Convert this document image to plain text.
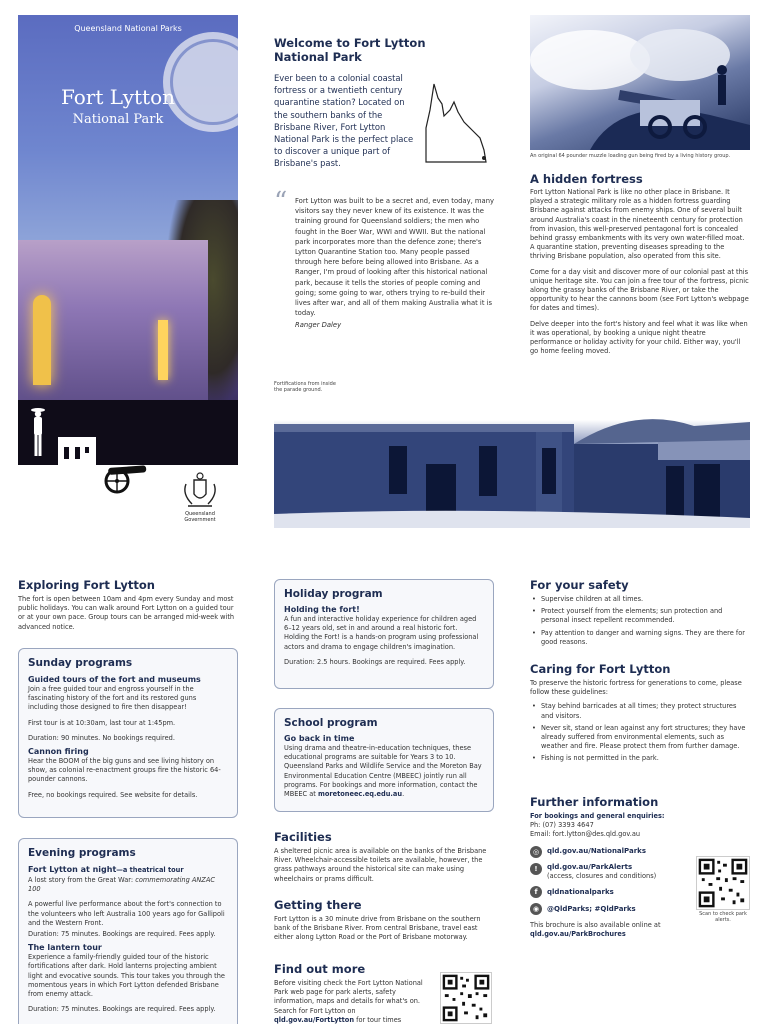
Queensland National Parks
Fort Lytton
National Park
Queensland
Government
Welcome to Fort Lytton
National Park

Ever been to a colonial coastal fortress or a twentieth century quarantine station? Located on the southern banks of the Brisbane River, Fort Lytton National Park is the perfect place to discover a unique part of Brisbane's past.

“ Fort Lytton was built to be a secret and, even today, many visitors say they never knew of its existence. It was the training ground for Queensland soldiers; the men who fought in the Boer War, WWI and WWII. But the national park incorporates more than the defence zone; there's Lytton Quarantine Station too. Many people passed through here before being allowed into Brisbane. As a Ranger, I'm proud of looking after this historical national park, because it tells the stories of people coming and going; some going to war, others trying to re-build their lives after war, and all of them making Australia what it is today.

Ranger Daley

An original 64 pounder muzzle loading gun being fired by a living history group.
A hidden fortress

Fort Lytton National Park is like no other place in Brisbane. It played a strategic military role as a hidden fortress guarding Brisbane against attacks from enemy ships. One of several built around Australia's coast in the nineteenth century for protection from invasion, this well-preserved pentagonal fort is concealed behind grassy embankments with its very own water-filled moat. A quarantine station, preventing diseases spreading to the thriving Brisbane population, also operated from this site.

Come for a day visit and discover more of our colonial past at this unique heritage site. You can join a free tour of the fortress, picnic along the grassy banks of the Brisbane River, or take the opportunity to hear the cannons boom (see Fort Lytton's webpage for dates and times).

Delve deeper into the fort's history and feel what it was like when it was operational, by booking a unique night theatre performance or holiday activity for your child. Either way, you'll go home feeling moved.

Fortifications from inside
the parade ground.
Exploring Fort Lytton

The fort is open between 10am and 4pm every Sunday and most public holidays. You can walk around Fort Lytton on a guided tour or at your own pace. Group tours can be arranged mid-week with advanced notice.

Sunday programs
Guided tours of the fort and museums

Join a free guided tour and engross yourself in the fascinating history of the fort and its restored guns including those designed to fire then disappear!

First tour is at 10:30am, last tour at 1:45pm.

Duration: 90 minutes. No bookings required.

Cannon firing

Hear the BOOM of the big guns and see living history on show, as colonial re-enactment groups fire the historic 64-pounder cannons.

Free, no bookings required. See website for details.

Evening programs
Fort Lytton at night—a theatrical tour

A lost story from the Great War: commemorating ANZAC 100

A powerful live performance about the fort's connection to the volunteers who left Australia 100 years ago for Gallipoli and the Western Front.

Duration: 75 minutes. Bookings are required. Fees apply.

The lantern tour

Experience a family-friendly guided tour of the historic fortifications after dark. Hold lanterns projecting ambient light and evocative sounds. This tour takes you through the momentous years in which Fort Lytton defended Brisbane from enemy attack.

Duration: 75 minutes. Bookings are required. Fees apply.

Holiday program
Holding the fort!

A fun and interactive holiday experience for children aged 6–12 years old, set in and around a real historic fort. Holding the Fort! is a hands-on program using professional actors and drama to engage children's imagination.

Duration: 2.5 hours. Bookings are required. Fees apply.

School program
Go back in time

Using drama and theatre-in-education techniques, these educational programs are suitable for Years 3 to 10. Queensland Parks and Wildlife Service and the Moreton Bay Environmental Education Centre (MBEEC) jointly run all programs. For bookings and more information, contact the MBEEC at moretoneec.eq.edu.au.

Facilities

A sheltered picnic area is available on the banks of the Brisbane River. Wheelchair-accessible toilets are available, however, the grass pathways around the historical site can make using wheelchairs or prams difficult.

Getting there

Fort Lytton is a 30 minute drive from Brisbane on the southern bank of the Brisbane River. From central Brisbane, travel east either along Lytton Road or the Port of Brisbane motorway.

Find out more

Before visiting check the Fort Lytton National Park web page for park alerts, safety information, maps and details for what's on. Search for Fort Lytton on qld.gov.au/FortLytton for tour times

For your safety
• Supervise children at all times.
• Protect yourself from the elements; sun protection and personal insect repellent recommended.
• Pay attention to danger and warning signs. They are there for good reasons.
Caring for Fort Lytton

To preserve the historic fortress for generations to come, please follow these guidelines:

• Stay behind barricades at all times; they protect structures and visitors.
• Never sit, stand or lean against any fort structures; they have already suffered from environmental elements, such as weather and fire. Please protect them from further damage.
• Fishing is not permitted in the park.
Further information

For bookings and general enquiries:

Ph: (07) 3393 4647

Email: fort.lytton@des.qld.gov.au

◎	qld.gov.au/NationalParks
!	qld.gov.au/ParkAlerts
(access, closures and conditions)
f	qldnationalparks
◉	@QldParks; #QldParks

This brochure is also available online at qld.gov.au/ParkBrochures

Scan to check park alerts.
